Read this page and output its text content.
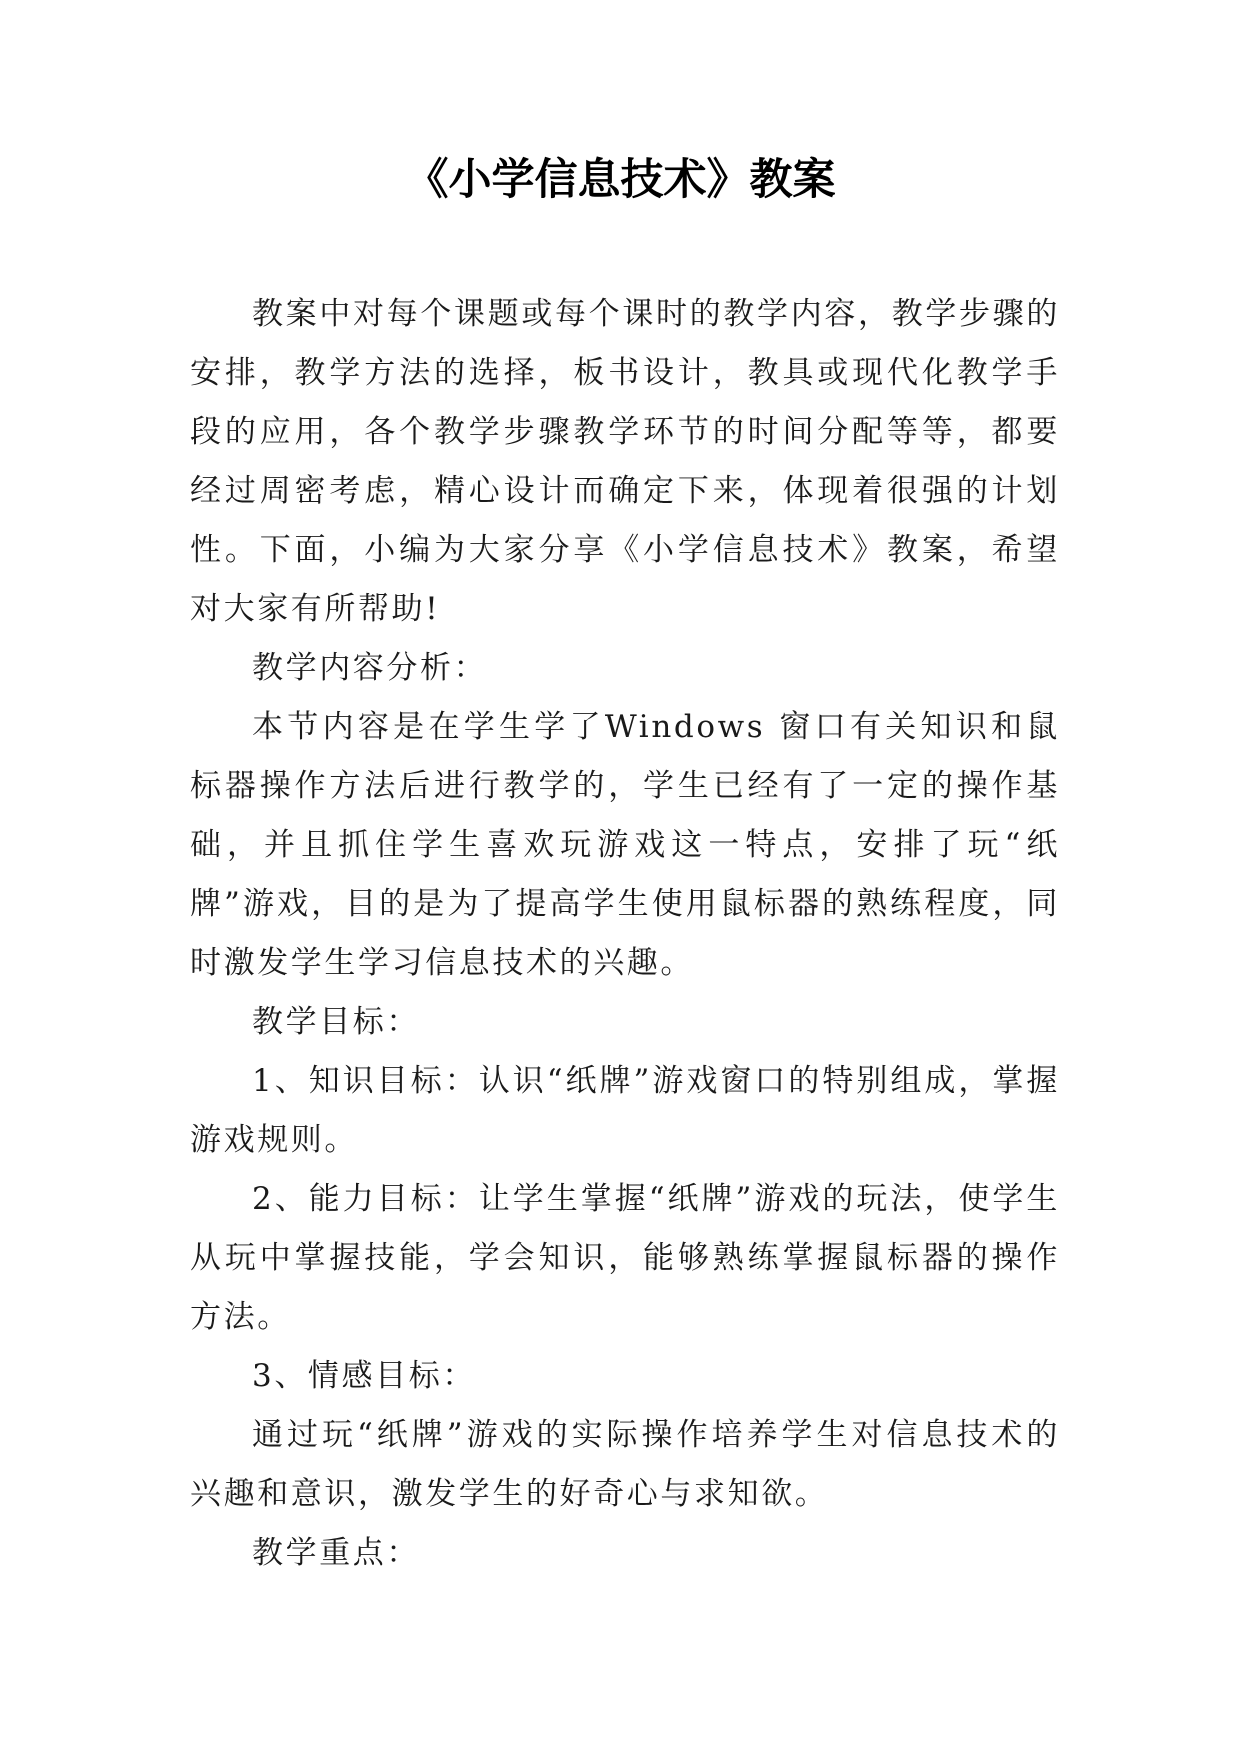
《小学信息技术》教案

教案中对每个课题或每个课时的教学内容，教学步骤的安排，教学方法的选择，板书设计，教具或现代化教学手段的应用，各个教学步骤教学环节的时间分配等等，都要经过周密考虑，精心设计而确定下来，体现着很强的计划性。下面，小编为大家分享《小学信息技术》教案，希望对大家有所帮助!

教学内容分析：

本节内容是在学生学了Windows 窗口有关知识和鼠标器操作方法后进行教学的，学生已经有了一定的操作基础，并且抓住学生喜欢玩游戏这一特点，安排了玩“纸牌”游戏，目的是为了提高学生使用鼠标器的熟练程度，同时激发学生学习信息技术的兴趣。

教学目标：

1、知识目标：认识“纸牌”游戏窗口的特别组成，掌握游戏规则。

2、能力目标：让学生掌握“纸牌”游戏的玩法，使学生从玩中掌握技能，学会知识，能够熟练掌握鼠标器的操作方法。

3、情感目标：

通过玩“纸牌”游戏的实际操作培养学生对信息技术的兴趣和意识，激发学生的好奇心与求知欲。

教学重点：
